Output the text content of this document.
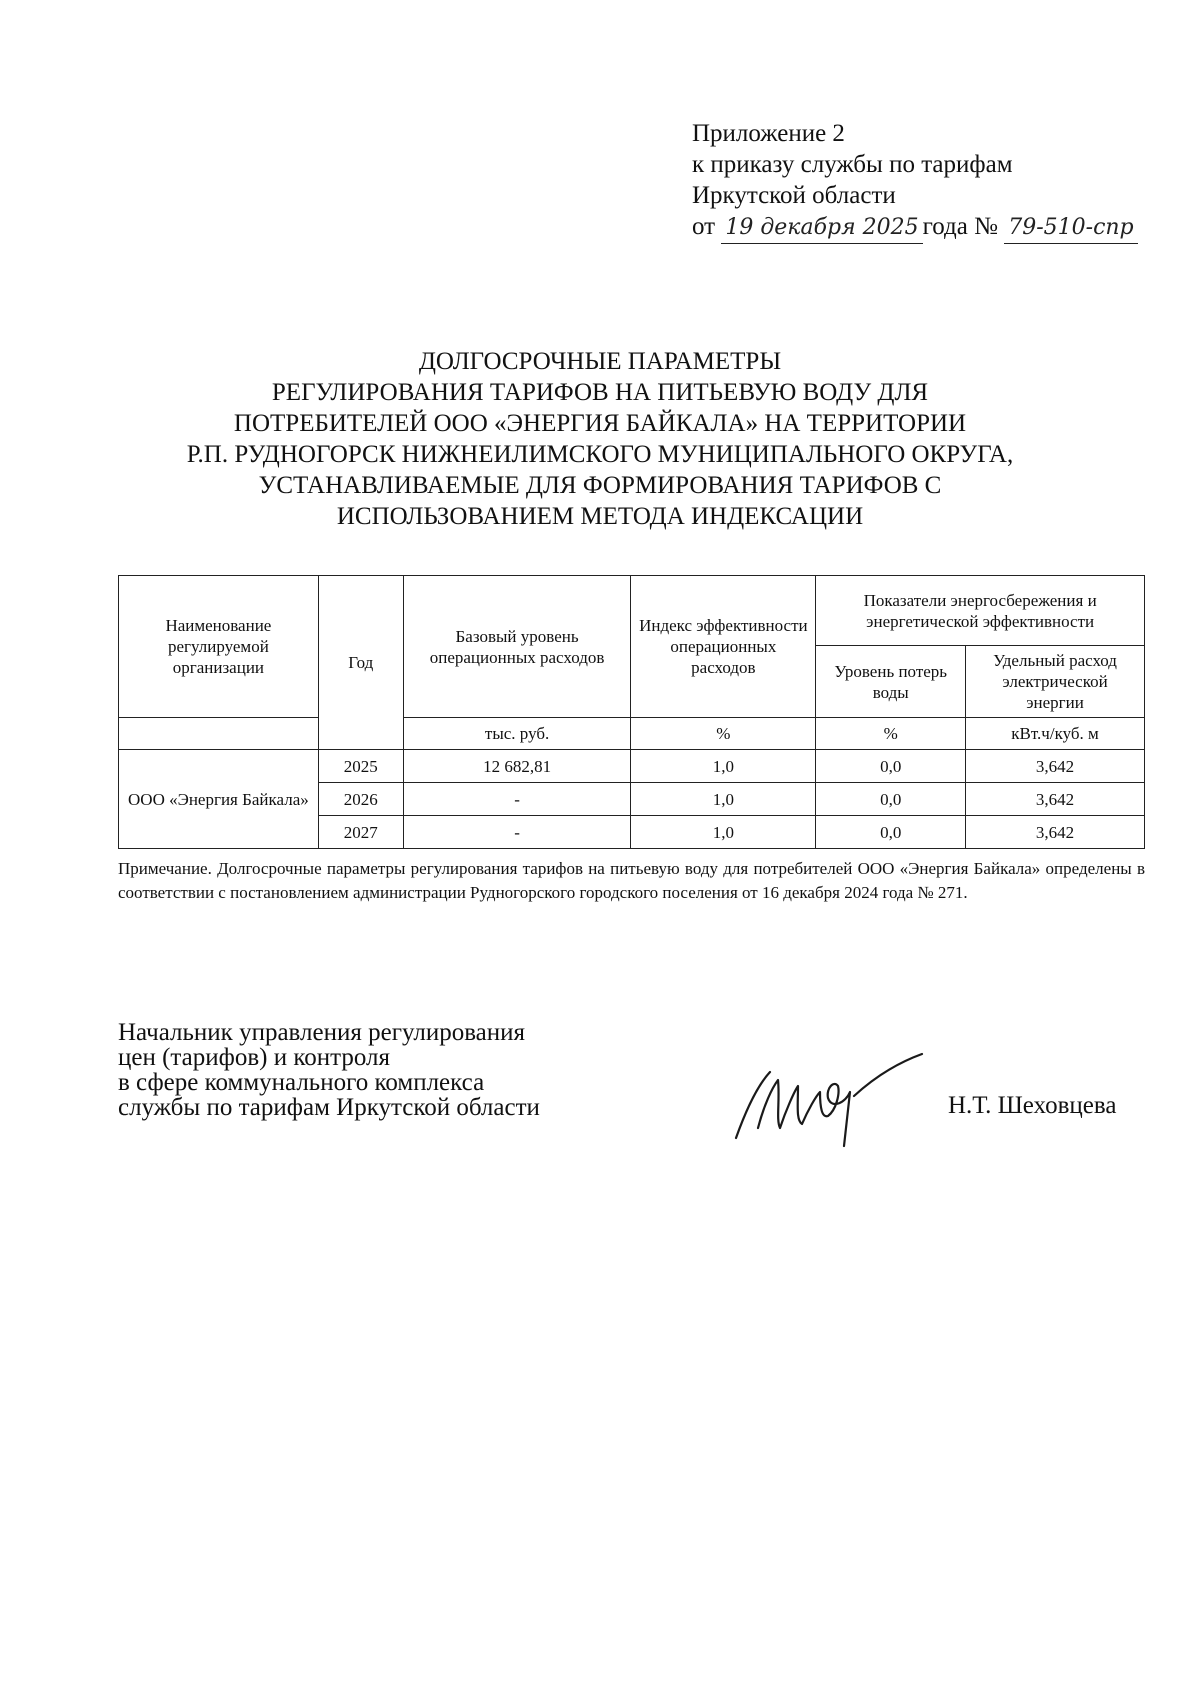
Приложение 2
к приказу службы по тарифам
Иркутской области
от 19 декабря 2025 года № 79-510-спр
ДОЛГОСРОЧНЫЕ ПАРАМЕТРЫ
РЕГУЛИРОВАНИЯ ТАРИФОВ НА ПИТЬЕВУЮ ВОДУ ДЛЯ
ПОТРЕБИТЕЛЕЙ ООО «ЭНЕРГИЯ БАЙКАЛА» НА ТЕРРИТОРИИ
Р.П. РУДНОГОРСК НИЖНЕИЛИМСКОГО МУНИЦИПАЛЬНОГО ОКРУГА,
УСТАНАВЛИВАЕМЫЕ ДЛЯ ФОРМИРОВАНИЯ ТАРИФОВ С
ИСПОЛЬЗОВАНИЕМ МЕТОДА ИНДЕКСАЦИИ
Наименование регулируемой организации	Год	Базовый уровень операционных расходов	Индекс эффективности операционных расходов	Показатели энергосбережения и энергетической эффективности	
				Уровень потерь воды	Удельный расход электрической энергии
		тыс. руб.	%	%	кВт.ч/куб. м
ООО «Энергия Байкала»	2025	12 682,81	1,0	0,0	3,642
	2026	-	1,0	0,0	3,642
	2027	-	1,0	0,0	3,642
Примечание. Долгосрочные параметры регулирования тарифов на питьевую воду для потребителей ООО «Энергия Байкала» определены в соответствии с постановлением администрации Рудногорского городского поселения от 16 декабря 2024 года № 271.
Начальник управления регулирования
цен (тарифов) и контроля
в сфере коммунального комплекса
службы по тарифам Иркутской области	Н.Т. Шеховцева
